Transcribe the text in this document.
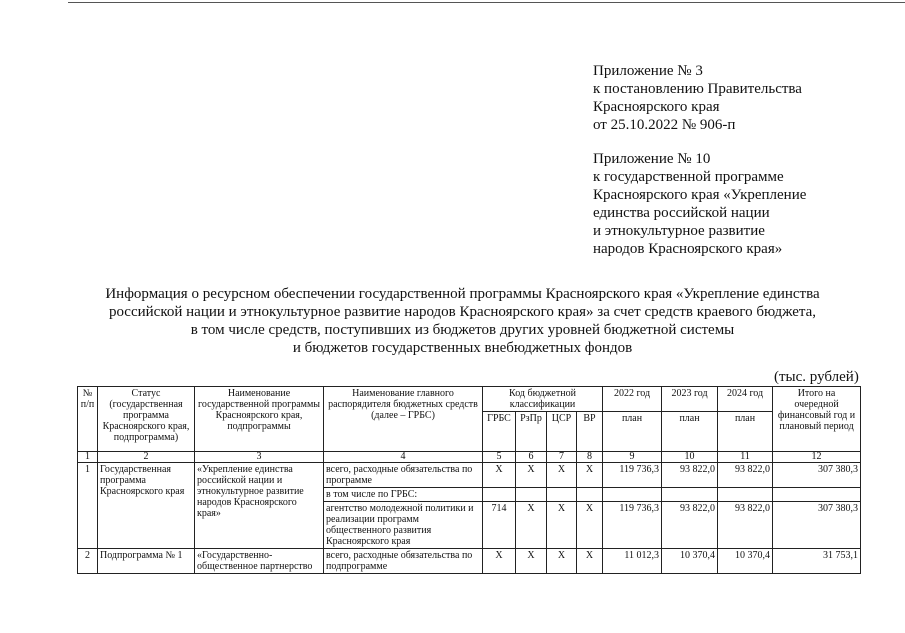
Приложение № 3
к постановлению Правительства
Красноярского края
от 25.10.2022 № 906-п
Приложение № 10
к государственной программе
Красноярского края «Укрепление
единства российской нации
и этнокультурное развитие
народов Красноярского края»
Информация о ресурсном обеспечении государственной программы Красноярского края «Укрепление единства
российской нации и этнокультурное развитие народов Красноярского края» за счет средств краевого бюджета,
в том числе средств, поступивших из бюджетов других уровней бюджетной системы
и бюджетов государственных внебюджетных фондов
(тыс. рублей)
№ п/п	Статус (государственная программа Красноярского края, подпрограмма)	Наименование государственной программы Красноярского края, подпрограммы	Наименование главного распорядителя бюджетных средств (далее – ГРБС)	Код бюджетной классификации				2022 год	2023 год	2024 год	Итого на очередной финансовый год и плановый период
				ГРБС	РзПр	ЦСР	ВР	план	план	план	
1	2	3	4	5	6	7	8	9	10	11	12
1	Государственная программа Красноярского края	«Укрепление единства российской нации и этнокультурное развитие народов Красноярского края»	всего, расходные обязательства по программе	X	X	X	X	119 736,3	93 822,0	93 822,0	307 380,3
			в том числе по ГРБС:								
			агентство молодежной политики и реализации программ общественного развития Красноярского края	714	X	X	X	119 736,3	93 822,0	93 822,0	307 380,3
2	Подпрограмма № 1	«Государственно-общественное партнерство	всего, расходные обязательства по подпрограмме	X	X	X	X	11 012,3	10 370,4	10 370,4	31 753,1
